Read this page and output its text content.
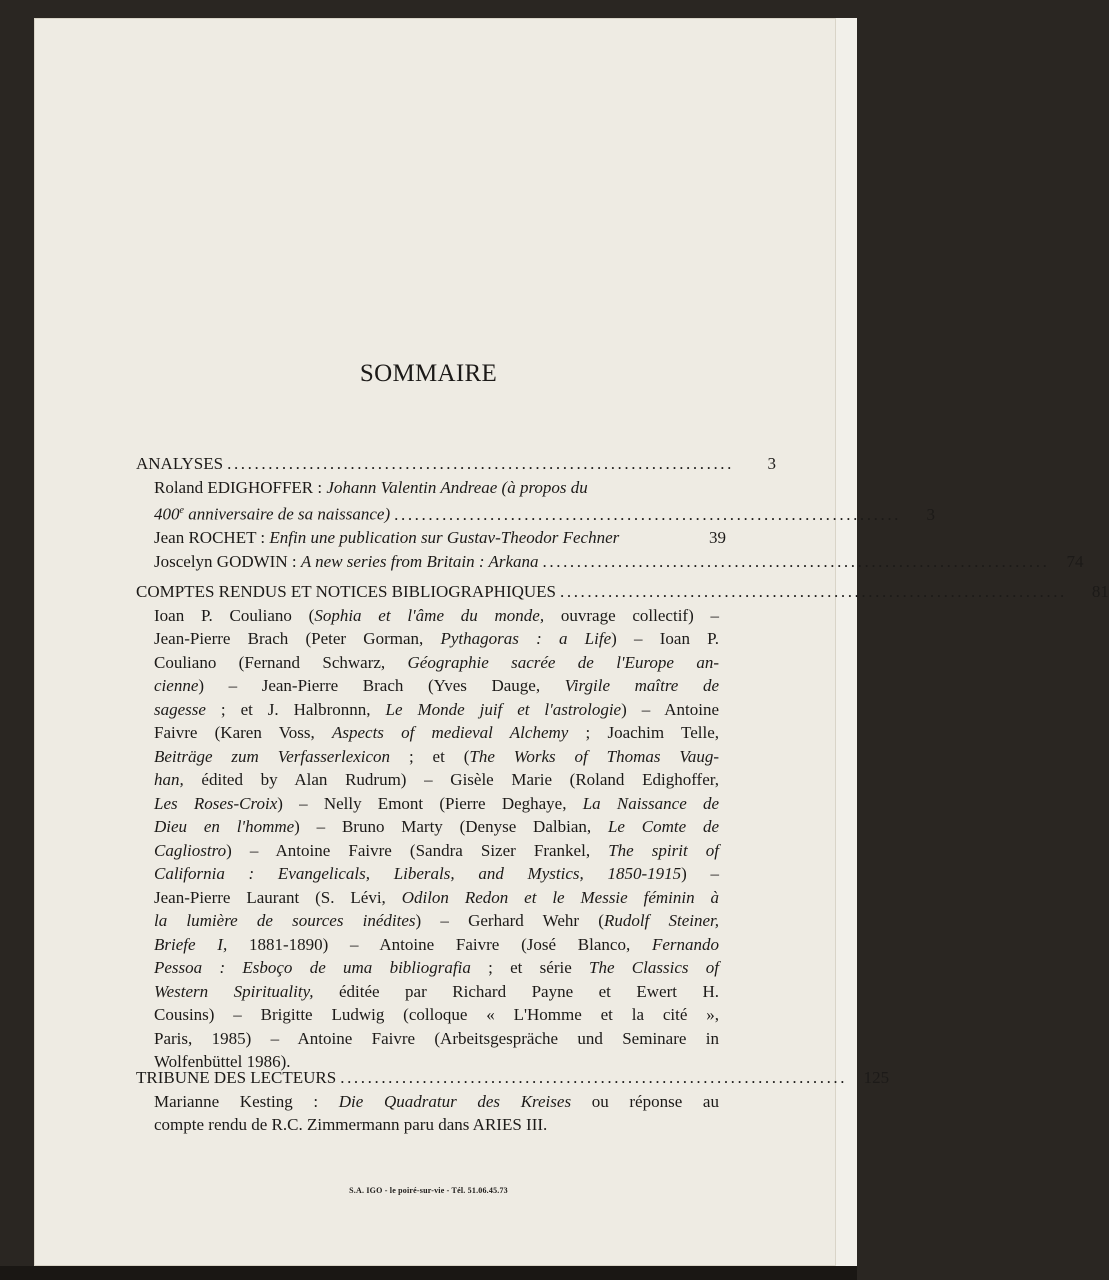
SOMMAIRE
ANALYSES ..........................................................................	3
Roland EDIGHOFFER : Johann Valentin Andreae (à propos du
400e anniversaire de sa naissance) ..........................................................................	3
Jean ROCHET : Enfin une publication sur Gustav-Theodor Fechner	39
Joscelyn GODWIN : A new series from Britain : Arkana ..........................................................................	74
COMPTES RENDUS ET NOTICES BIBLIOGRAPHIQUES ..........................................................................	81
Ioan P. Couliano (Sophia et l'âme du monde, ouvrage collectif) –
Jean-Pierre Brach (Peter Gorman, Pythagoras : a Life) – Ioan P.
Couliano (Fernand Schwarz, Géographie sacrée de l'Europe an-
cienne) – Jean-Pierre Brach (Yves Dauge, Virgile maître de
sagesse ; et J. Halbronnn, Le Monde juif et l'astrologie) – Antoine
Faivre (Karen Voss, Aspects of medieval Alchemy ; Joachim Telle,
Beiträge zum Verfasserlexicon ; et (The Works of Thomas Vaug-
han, édited by Alan Rudrum) – Gisèle Marie (Roland Edighoffer,
Les Roses-Croix) – Nelly Emont (Pierre Deghaye, La Naissance de
Dieu en l'homme) – Bruno Marty (Denyse Dalbian, Le Comte de
Cagliostro) – Antoine Faivre (Sandra Sizer Frankel, The spirit of
California : Evangelicals, Liberals, and Mystics, 1850-1915) –
Jean-Pierre Laurant (S. Lévi, Odilon Redon et le Messie féminin à
la lumière de sources inédites) – Gerhard Wehr (Rudolf Steiner,
Briefe I, 1881-1890) – Antoine Faivre (José Blanco, Fernando
Pessoa : Esboço de uma bibliografia ; et série The Classics of
Western Spirituality, éditée par Richard Payne et Ewert H.
Cousins) – Brigitte Ludwig (colloque « L'Homme et la cité »,
Paris, 1985) – Antoine Faivre (Arbeitsgespräche und Seminare in
Wolfenbüttel 1986).
TRIBUNE DES LECTEURS .......................................................................... 125
Marianne Kesting : Die Quadratur des Kreises ou réponse au
compte rendu de R.C. Zimmermann paru dans ARIES III.
S.A. IGO - le poiré-sur-vie - Tél. 51.06.45.73
